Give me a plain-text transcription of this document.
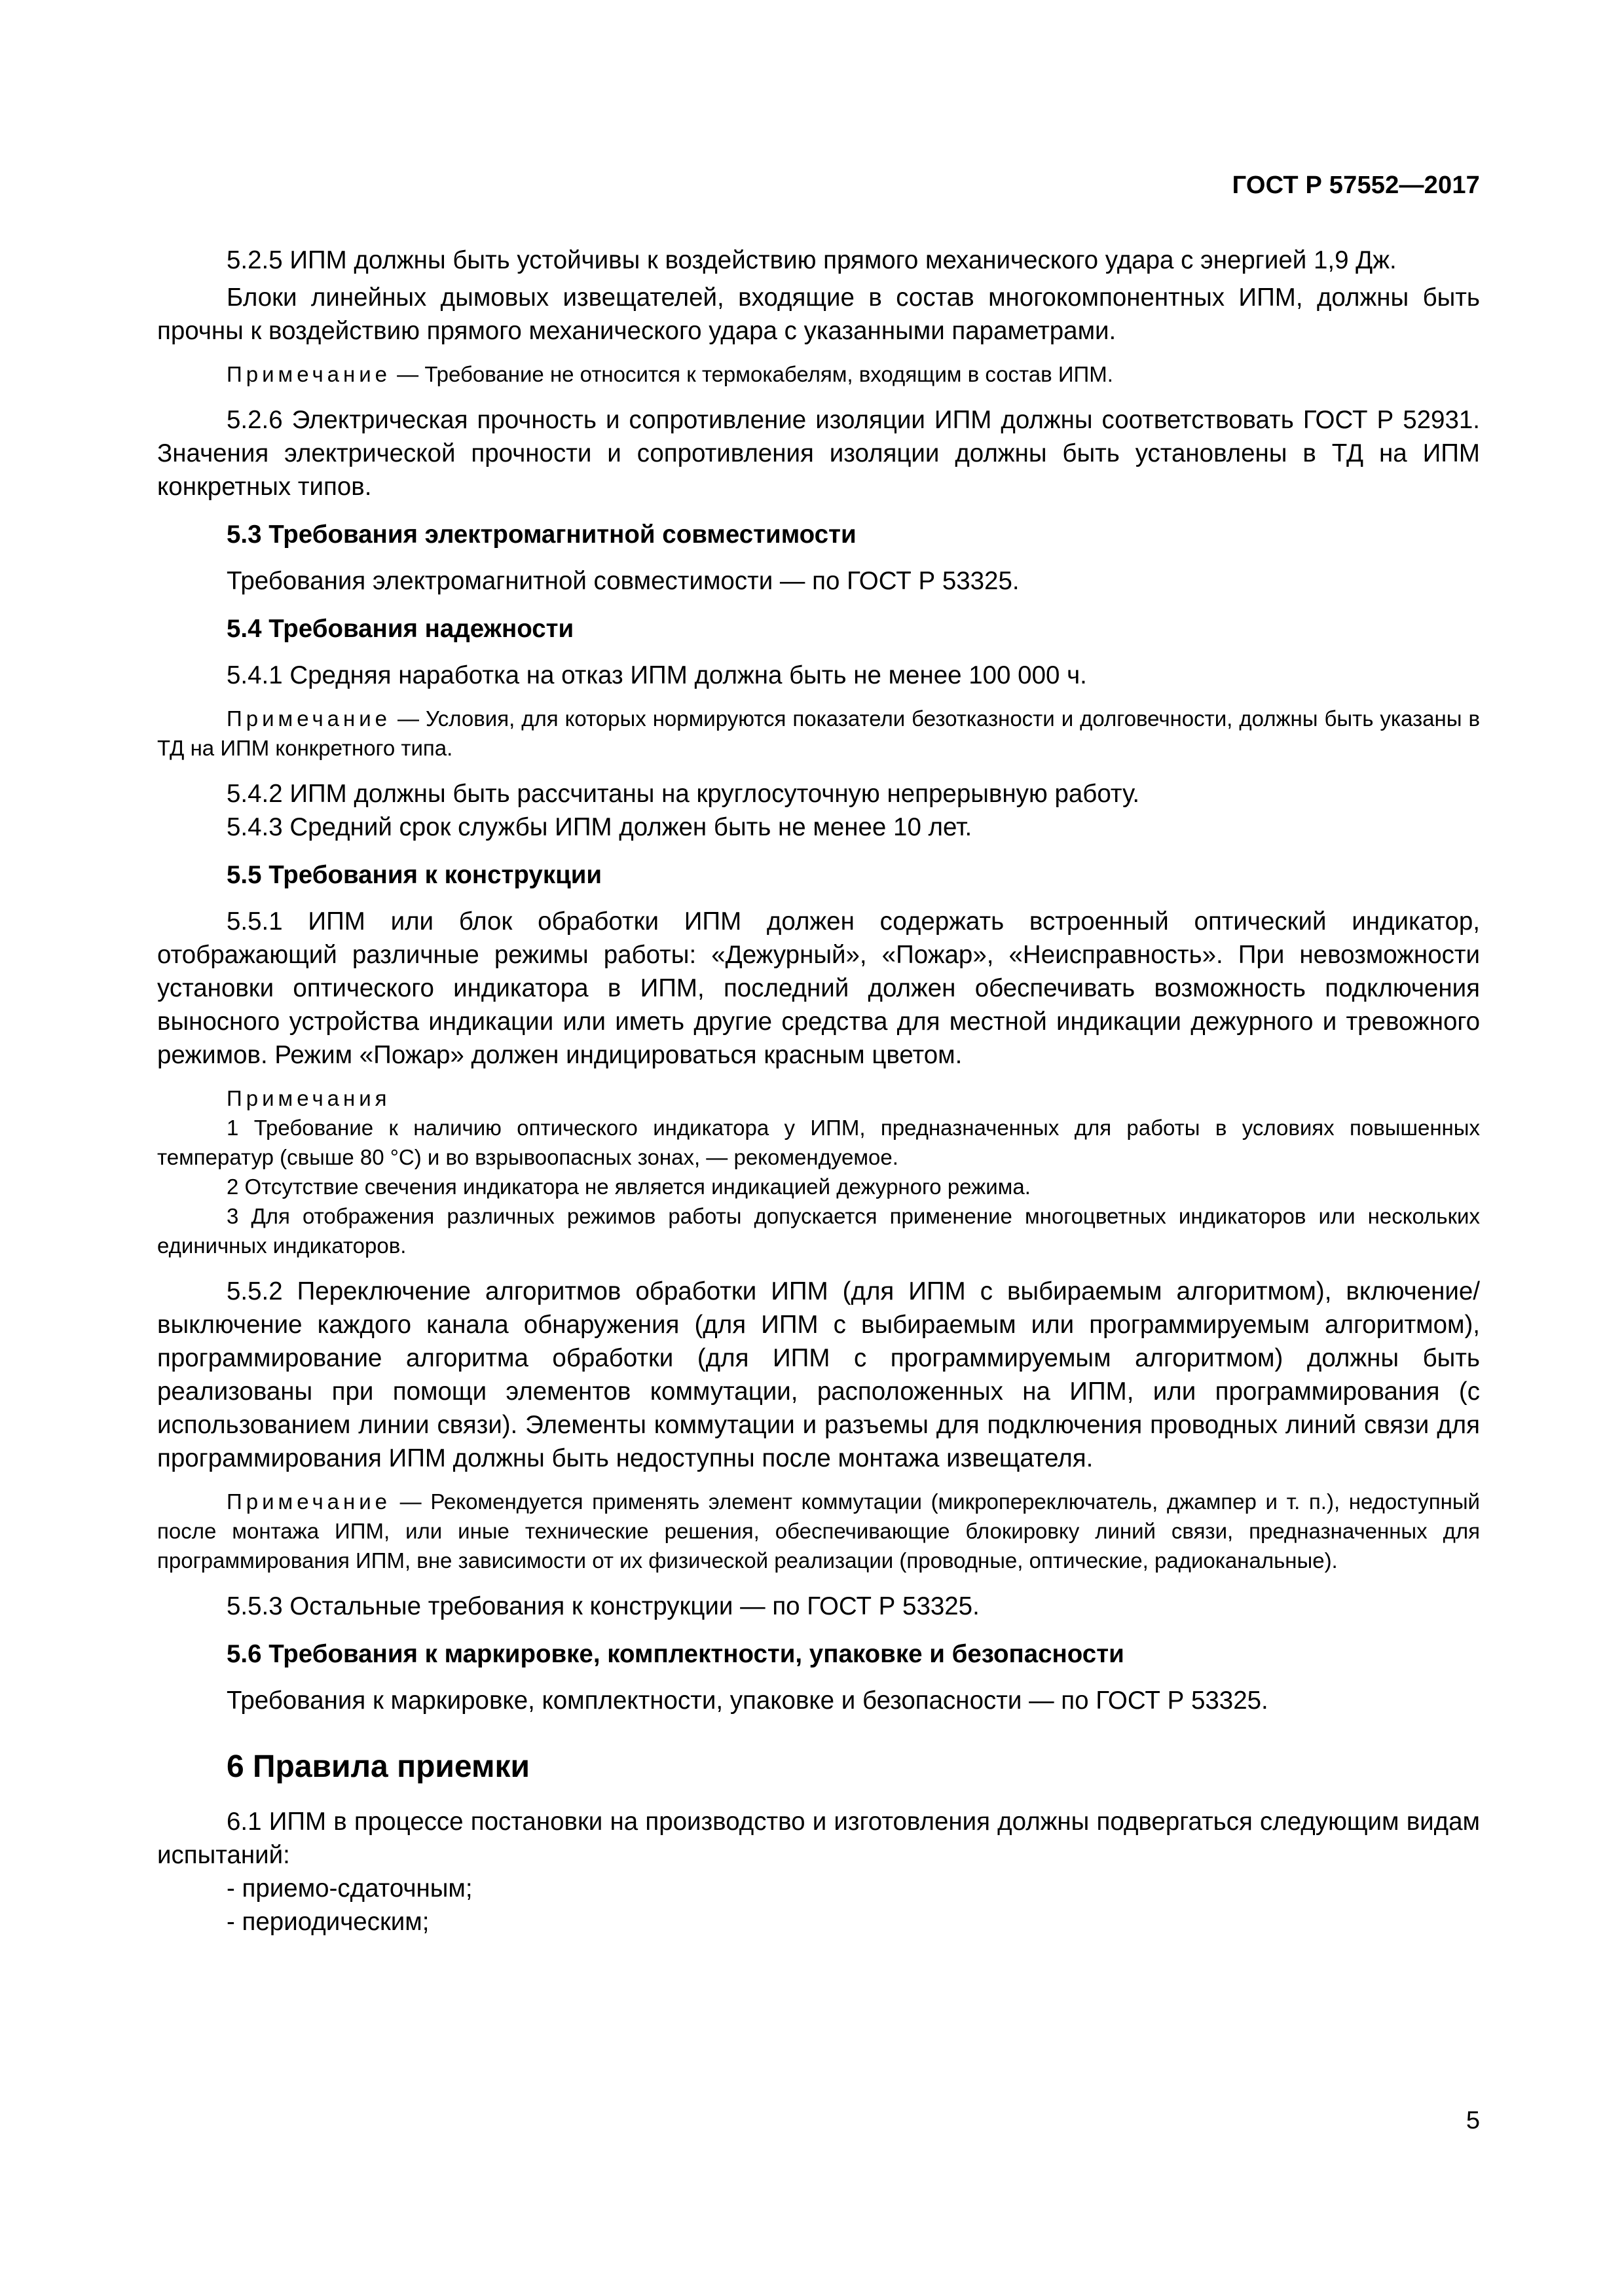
ГОСТ Р 57552—2017

5.2.5 ИПМ должны быть устойчивы к воздействию прямого механического удара с энергией 1,9 Дж.

Блоки линейных дымовых извещателей, входящие в состав многокомпонентных ИПМ, должны быть прочны к воздействию прямого механического удара с указанными параметрами.

Примечание — Требование не относится к термокабелям, входящим в состав ИПМ.

5.2.6 Электрическая прочность и сопротивление изоляции ИПМ должны соответствовать ГОСТ Р 52931. Значения электрической прочности и сопротивления изоляции должны быть установлены в ТД на ИПМ конкретных типов.

5.3 Требования электромагнитной совместимости

Требования электромагнитной совместимости — по ГОСТ Р 53325.

5.4 Требования надежности

5.4.1 Средняя наработка на отказ ИПМ должна быть не менее 100 000 ч.

Примечание — Условия, для которых нормируются показатели безотказности и долговечности, должны быть указаны в ТД на ИПМ конкретного типа.

5.4.2 ИПМ должны быть рассчитаны на круглосуточную непрерывную работу.

5.4.3 Средний срок службы ИПМ должен быть не менее 10 лет.

5.5 Требования к конструкции

5.5.1 ИПМ или блок обработки ИПМ должен содержать встроенный оптический индикатор, отображающий различные режимы работы: «Дежурный», «Пожар», «Неисправность». При невозможности установки оптического индикатора в ИПМ, последний должен обеспечивать возможность подключения выносного устройства индикации или иметь другие средства для местной индикации дежурного и тревожного режимов. Режим «Пожар» должен индицироваться красным цветом.

Примечания

1 Требование к наличию оптического индикатора у ИПМ, предназначенных для работы в условиях повышенных температур (свыше 80 °С) и во взрывоопасных зонах, — рекомендуемое.

2 Отсутствие свечения индикатора не является индикацией дежурного режима.

3 Для отображения различных режимов работы допускается применение многоцветных индикаторов или нескольких единичных индикаторов.

5.5.2 Переключение алгоритмов обработки ИПМ (для ИПМ с выбираемым алгоритмом), включение/выключение каждого канала обнаружения (для ИПМ с выбираемым или программируемым алгоритмом), программирование алгоритма обработки (для ИПМ с программируемым алгоритмом) должны быть реализованы при помощи элементов коммутации, расположенных на ИПМ, или программирования (с использованием линии связи). Элементы коммутации и разъемы для подключения проводных линий связи для программирования ИПМ должны быть недоступны после монтажа извещателя.

Примечание — Рекомендуется применять элемент коммутации (микропереключатель, джампер и т. п.), недоступный после монтажа ИПМ, или иные технические решения, обеспечивающие блокировку линий связи, предназначенных для программирования ИПМ, вне зависимости от их физической реализации (проводные, оптические, радиоканальные).

5.5.3 Остальные требования к конструкции — по ГОСТ Р 53325.

5.6 Требования к маркировке, комплектности, упаковке и безопасности

Требования к маркировке, комплектности, упаковке и безопасности — по ГОСТ Р 53325.

6 Правила приемки

6.1 ИПМ в процессе постановки на производство и изготовления должны подвергаться следующим видам испытаний:

- приемо-сдаточным;

- периодическим;

5
